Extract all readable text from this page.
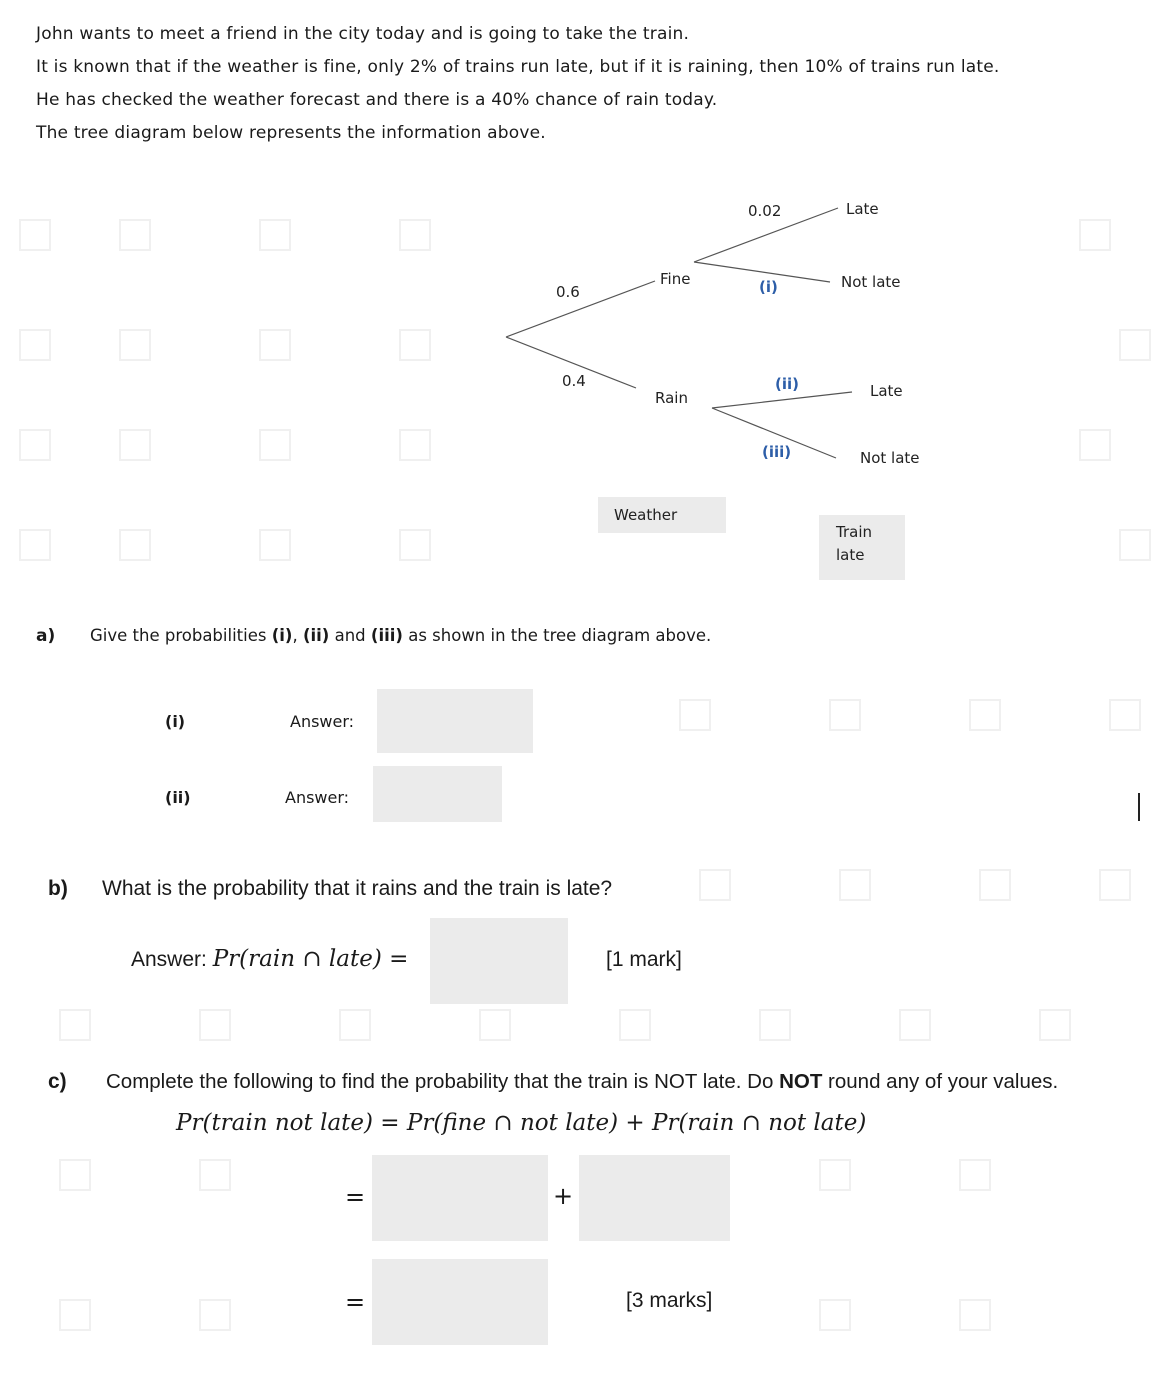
John wants to meet a friend in the city today and is going to take the train.
It is known that if the weather is fine, only 2% of trains run late, but if it is raining, then 10% of trains run late.
He has checked the weather forecast and there is a 40% chance of rain today.
The tree diagram below represents the information above.
0.6
0.4
Fine
Rain
0.02
(i)
(ii)
(iii)
Late
Not late
Late
Not late
Weather
Train
late
a) Give the probabilities (i), (ii) and (iii) as shown in the tree diagram above.
(i)	Answer:
(ii)	Answer:
b) What is the probability that it rains and the train is late?
Answer: Pr(rain ∩ late) =	[1 mark]
c) Complete the following to find the probability that the train is NOT late. Do NOT round any of your values.
Pr(train not late) = Pr(fine ∩ not late) + Pr(rain ∩ not late)
=	+
=	[3 marks]
